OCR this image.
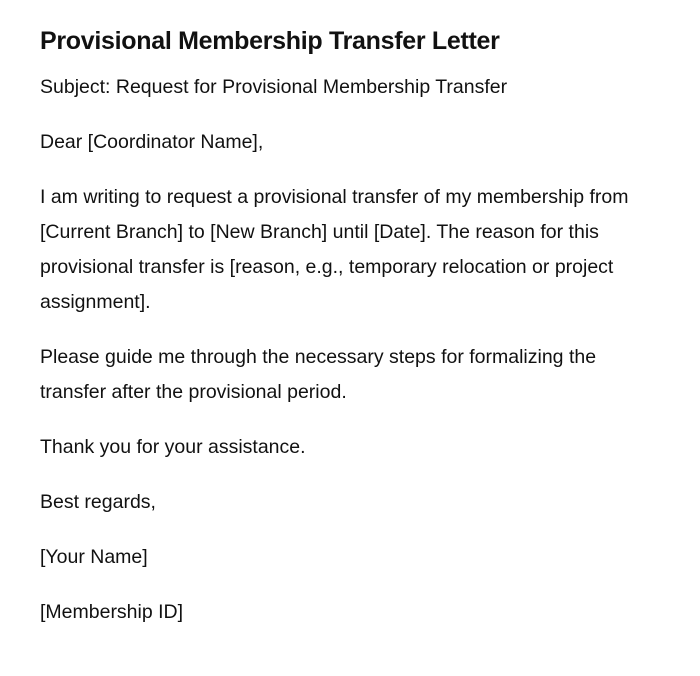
Provisional Membership Transfer Letter

Subject: Request for Provisional Membership Transfer

Dear [Coordinator Name],

I am writing to request a provisional transfer of my membership from [Current Branch] to [New Branch] until [Date]. The reason for this provisional transfer is [reason, e.g., temporary relocation or project assignment].

Please guide me through the necessary steps for formalizing the transfer after the provisional period.

Thank you for your assistance.

Best regards,

[Your Name]

[Membership ID]
